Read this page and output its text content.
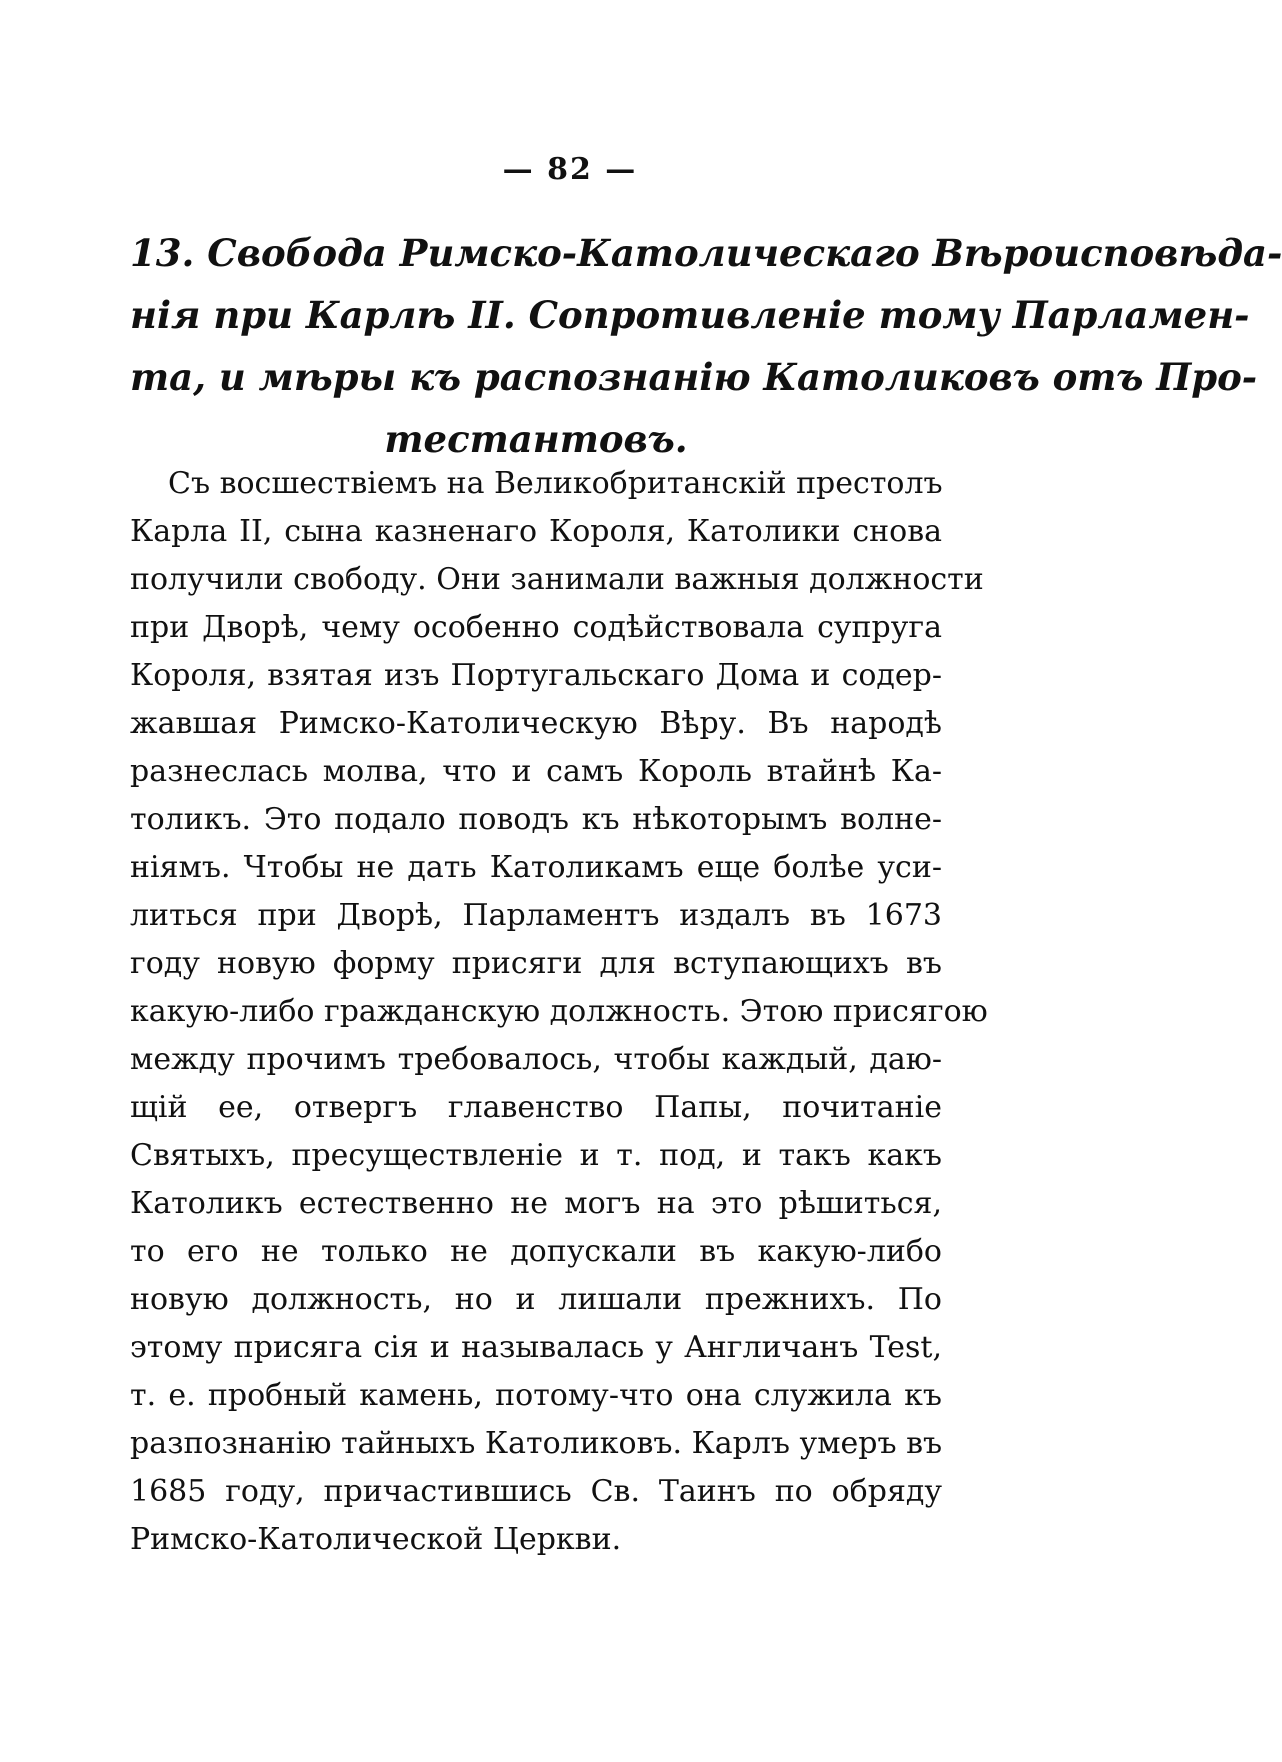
— 82 —
13. Свобода Римско-Католическаго Вѣроисповѣда-
нія при Карлѣ II. Сопротивленіе тому Парламен-
та, и мѣры къ распознанію Католиковъ отъ Про-
тестантовъ.
Съ восшествіемъ на Великобританскій престолъ
Карла II, сына казненаго Короля, Католики снова
получили свободу. Они занимали важныя должности
при Дворѣ, чему особенно содѣйствовала супруга
Короля, взятая изъ Португальскаго Дома и содер-
жавшая Римско-Католическую Вѣру. Въ народѣ
разнеслась молва, что и самъ Король втайнѣ Ка-
толикъ. Это подало поводъ къ нѣкоторымъ волне-
ніямъ. Чтобы не дать Католикамъ еще болѣе уси-
литься при Дворѣ, Парламентъ издалъ въ 1673
году новую форму присяги для вступающихъ въ
какую-либо гражданскую должность. Этою присягою
между прочимъ требовалось, чтобы каждый, даю-
щій ее, отвергъ главенство Папы, почитаніе
Святыхъ, пресуществленіе и т. под, и такъ какъ
Католикъ естественно не могъ на это рѣшиться,
то его не только не допускали въ какую-либо
новую должность, но и лишали прежнихъ. По
этому присяга сія и называлась у Англичанъ Test,
т. е. пробный камень, потому-что она служила къ
разпознанію тайныхъ Католиковъ. Карлъ умеръ въ
1685 году, причастившись Св. Таинъ по обряду
Римско-Католической Церкви.
